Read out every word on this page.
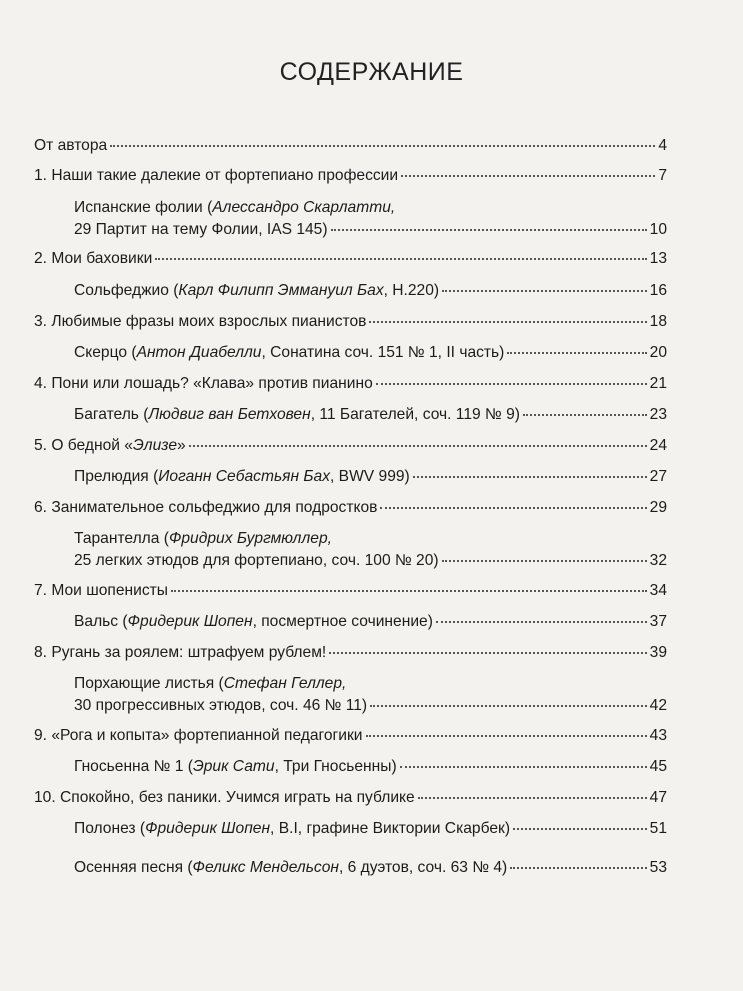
СОДЕРЖАНИЕ
От автора	4
1. Наши такие далекие от фортепиано профессии	7
Испанские фолии (Алессандро Скарлатти,
29 Партит на тему Фолии, IAS 145)	10
2. Мои баховики	13
Сольфеджио (Карл Филипп Эммануил Бах, H.220)	16
3. Любимые фразы моих взрослых пианистов	18
Скерцо (Антон Диабелли, Сонатина соч. 151 № 1, II часть)	20
4. Пони или лошадь? «Клава» против пианино	21
Багатель (Людвиг ван Бетховен, 11 Багателей, соч. 119 № 9)	23
5. О бедной «Элизе»	24
Прелюдия (Иоганн Себастьян Бах, BWV 999)	27
6. Занимательное сольфеджио для подростков	29
Тарантелла (Фридрих Бургмюллер,
25 легких этюдов для фортепиано, соч. 100 № 20)	32
7. Мои шопенисты	34
Вальс (Фридерик Шопен, посмертное сочинение)	37
8. Ругань за роялем: штрафуем рублем!	39
Порхающие листья (Стефан Геллер,
30 прогрессивных этюдов, соч. 46 № 11)	42
9. «Рога и копыта» фортепианной педагогики	43
Гносьенна № 1 (Эрик Сати, Три Гносьенны)	45
10. Спокойно, без паники. Учимся играть на публике	47
Полонез (Фридерик Шопен, B.I, графине Виктории Скарбек)	51
Осенняя песня (Феликс Мендельсон, 6 дуэтов, соч. 63 № 4)	53
